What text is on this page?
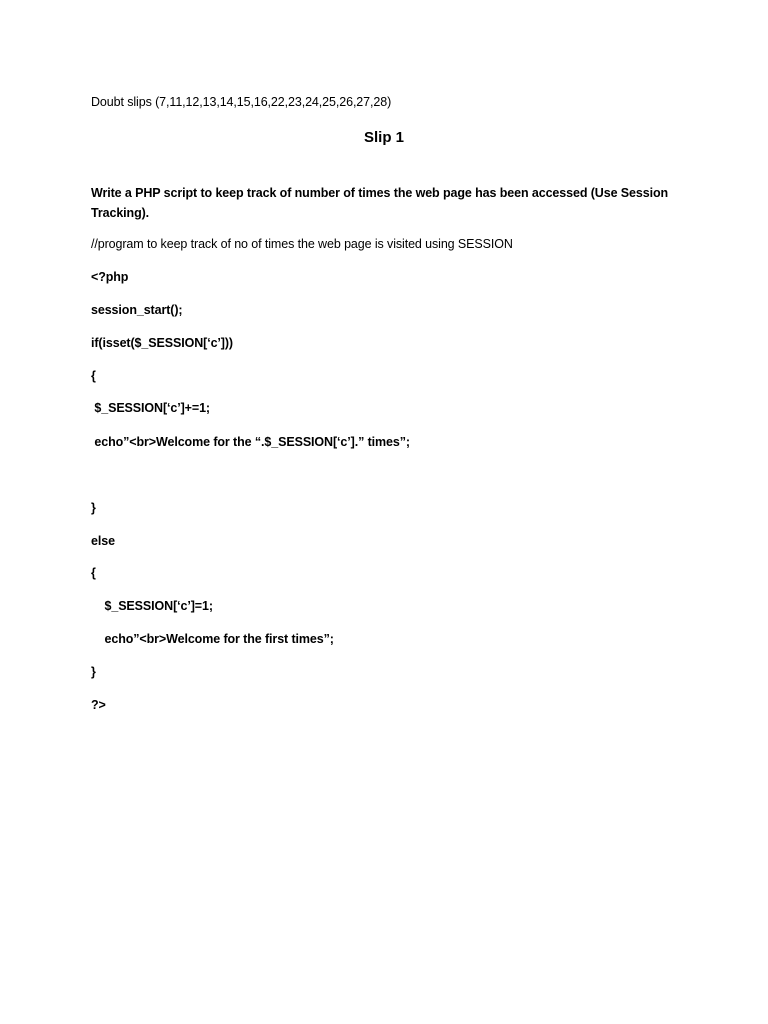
Doubt slips (7,11,12,13,14,15,16,22,23,24,25,26,27,28)

Slip 1

Write a PHP script to keep track of number of times the web page has been accessed (Use Session Tracking).

//program to keep track of no of times the web page is visited using SESSION

<?php

session_start();

if(isset($_SESSION[‘c’]))

{

$_SESSION[‘c’]+=1;

echo”<br>Welcome for the “.$_SESSION[‘c’].” times”;

}

else

{

$_SESSION[‘c’]=1;

echo”<br>Welcome for the first times”;

}

?>
